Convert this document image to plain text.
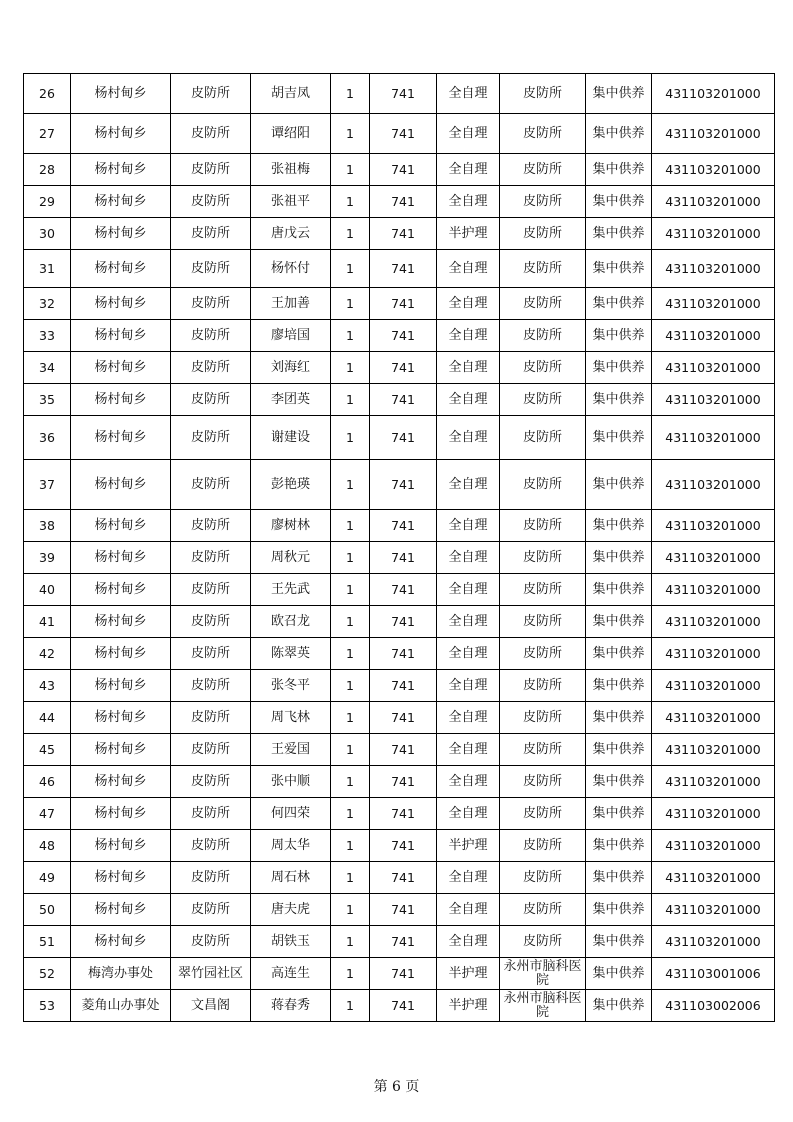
26	杨村甸乡	皮防所	胡吉凤	1	741	全自理	皮防所	集中供养	431103201000
27	杨村甸乡	皮防所	谭绍阳	1	741	全自理	皮防所	集中供养	431103201000
28	杨村甸乡	皮防所	张祖梅	1	741	全自理	皮防所	集中供养	431103201000
29	杨村甸乡	皮防所	张祖平	1	741	全自理	皮防所	集中供养	431103201000
30	杨村甸乡	皮防所	唐戊云	1	741	半护理	皮防所	集中供养	431103201000
31	杨村甸乡	皮防所	杨怀付	1	741	全自理	皮防所	集中供养	431103201000
32	杨村甸乡	皮防所	王加善	1	741	全自理	皮防所	集中供养	431103201000
33	杨村甸乡	皮防所	廖培国	1	741	全自理	皮防所	集中供养	431103201000
34	杨村甸乡	皮防所	刘海红	1	741	全自理	皮防所	集中供养	431103201000
35	杨村甸乡	皮防所	李团英	1	741	全自理	皮防所	集中供养	431103201000
36	杨村甸乡	皮防所	谢建设	1	741	全自理	皮防所	集中供养	431103201000
37	杨村甸乡	皮防所	彭艳瑛	1	741	全自理	皮防所	集中供养	431103201000
38	杨村甸乡	皮防所	廖树林	1	741	全自理	皮防所	集中供养	431103201000
39	杨村甸乡	皮防所	周秋元	1	741	全自理	皮防所	集中供养	431103201000
40	杨村甸乡	皮防所	王先武	1	741	全自理	皮防所	集中供养	431103201000
41	杨村甸乡	皮防所	欧召龙	1	741	全自理	皮防所	集中供养	431103201000
42	杨村甸乡	皮防所	陈翠英	1	741	全自理	皮防所	集中供养	431103201000
43	杨村甸乡	皮防所	张冬平	1	741	全自理	皮防所	集中供养	431103201000
44	杨村甸乡	皮防所	周飞林	1	741	全自理	皮防所	集中供养	431103201000
45	杨村甸乡	皮防所	王爱国	1	741	全自理	皮防所	集中供养	431103201000
46	杨村甸乡	皮防所	张中顺	1	741	全自理	皮防所	集中供养	431103201000
47	杨村甸乡	皮防所	何四荣	1	741	全自理	皮防所	集中供养	431103201000
48	杨村甸乡	皮防所	周太华	1	741	半护理	皮防所	集中供养	431103201000
49	杨村甸乡	皮防所	周石林	1	741	全自理	皮防所	集中供养	431103201000
50	杨村甸乡	皮防所	唐夫虎	1	741	全自理	皮防所	集中供养	431103201000
51	杨村甸乡	皮防所	胡铁玉	1	741	全自理	皮防所	集中供养	431103201000
52	梅湾办事处	翠竹园社区	高连生	1	741	半护理	永州市脑科医院	集中供养	431103001006
53	菱角山办事处	文昌阁	蒋春秀	1	741	半护理	永州市脑科医院	集中供养	431103002006
第 6 页
